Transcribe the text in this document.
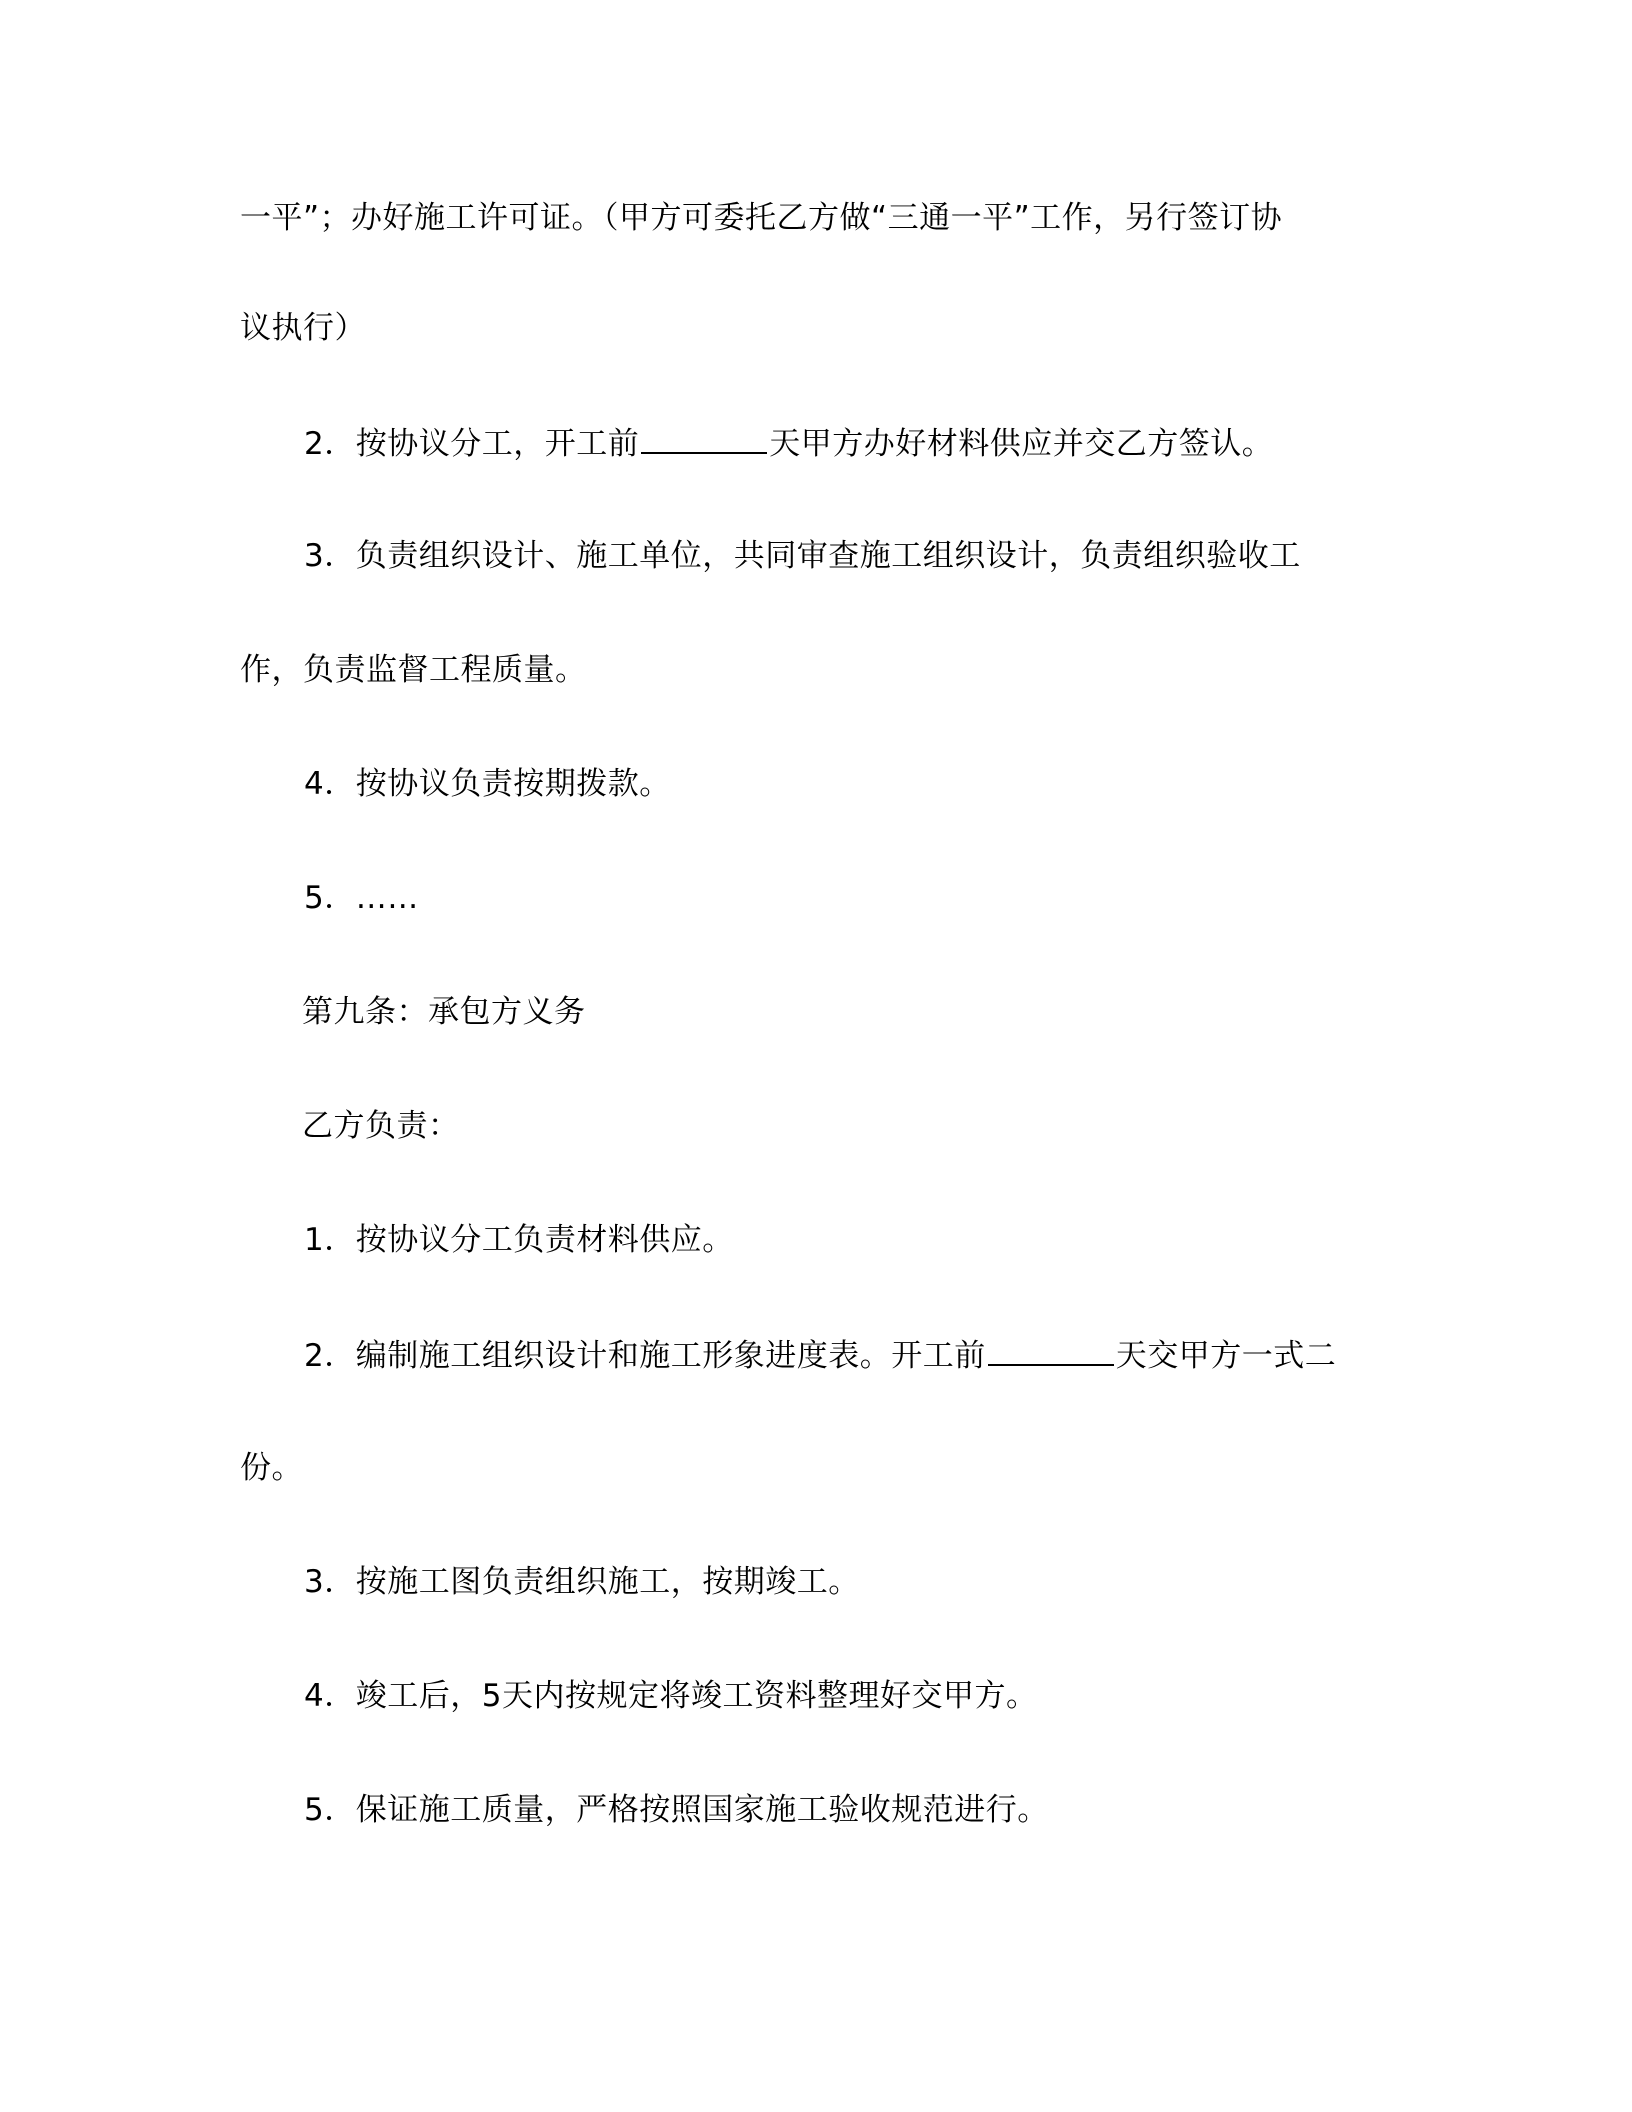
一平”；办好施工许可证。（甲方可委托乙方做“三通一平”工作，另行签订协
议执行）
2．按协议分工，开工前	天甲方办好材料供应并交乙方签认。
3．负责组织设计、施工单位，共同审查施工组织设计，负责组织验收工
作，负责监督工程质量。
4．按协议负责按期拨款。
5．……
第九条：承包方义务
乙方负责：
1．按协议分工负责材料供应。
2．编制施工组织设计和施工形象进度表。开工前	天交甲方一式二
份。
3．按施工图负责组织施工，按期竣工。
4．竣工后，5天内按规定将竣工资料整理好交甲方。
5．保证施工质量，严格按照国家施工验收规范进行。
